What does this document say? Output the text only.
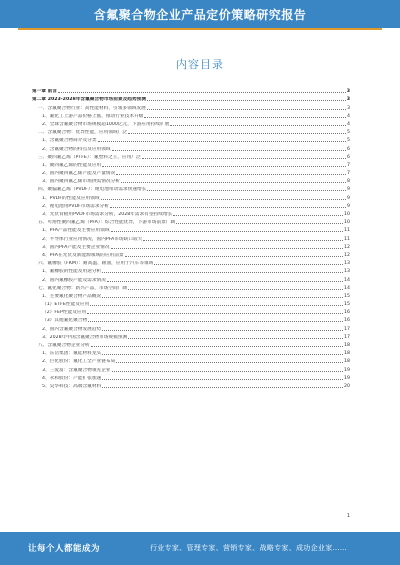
含氟聚合物企业产品定价策略研究报告
内容目录
第一章 前言	3
第二章 2023-2028年含氟聚合物市场前景及趋势预测	3
一、含氟聚合物行业：高性能材料，引领多领域发展	3
1、氟化工上游产品价格上涨，推动行业技术升级	4
2、全球含氟聚合物市场规模超1000亿元，下游应用持续扩展	4
二、含氟聚合物：优异性能，应用领域广泛	5
1、含氟聚合物简介及分类	5
2、含氟聚合物的特点及应用领域	6
三、聚四氟乙烯（PTFE）：氟塑料之王，应用广泛	6
1、聚四氟乙烯的性能及应用	7
2、国内聚四氟乙烯产能及产量情况	7
3、国内聚四氟乙烯市场供需情况分析	8
四、聚偏氟乙烯（PVDF）：锂电池带动需求快速增长	9
1、PVDF的性能及应用领域	9
2、锂电池用PVDF市场需求分析	9
3、光伏背板用PVDF市场需求分析，2028年需求有望持续增长	10
五、可熔性聚四氟乙烯（PFA）：综合性能优异，下游市场前景广阔	10
1、PFA产品性能及主要应用领域	11
2、半导体行业应用情况，国内PFA市场缺口较大	11
3、国内PFA产能及主要企业情况	12
4、PFA在光伏及新能源领域的应用前景	12
六、氟橡胶（FKM）：耐高温、耐油，应用于汽车等领域	13
1、氟橡胶的性能及用途分析	13
2、国内氟橡胶产能及需求情况	14
七、氟化聚合物：新兴产品，市场空间广阔	14
1、主要氟化聚合物产品概况	15
（1）ETFE性能及应用	15
（2）FEP性能及应用	16
（3）其他氟化聚合物	16
2、国内含氟聚合物发展趋势	17
3、2028年中国含氟聚合物市场规模预测	17
八、含氟聚合物企业分析	18
1、东岳集团：氟硅材料龙头	18
2、巨化股份：氟化工全产业链布局	18
3、三爱富：含氟聚合物领先企业	19
4、永和股份：产能扩张加速	19
5、昊华科技：高端含氟材料	20
1
让每个人都能成为	行业专家、管理专家、营销专家、战略专家、成功企业家……
